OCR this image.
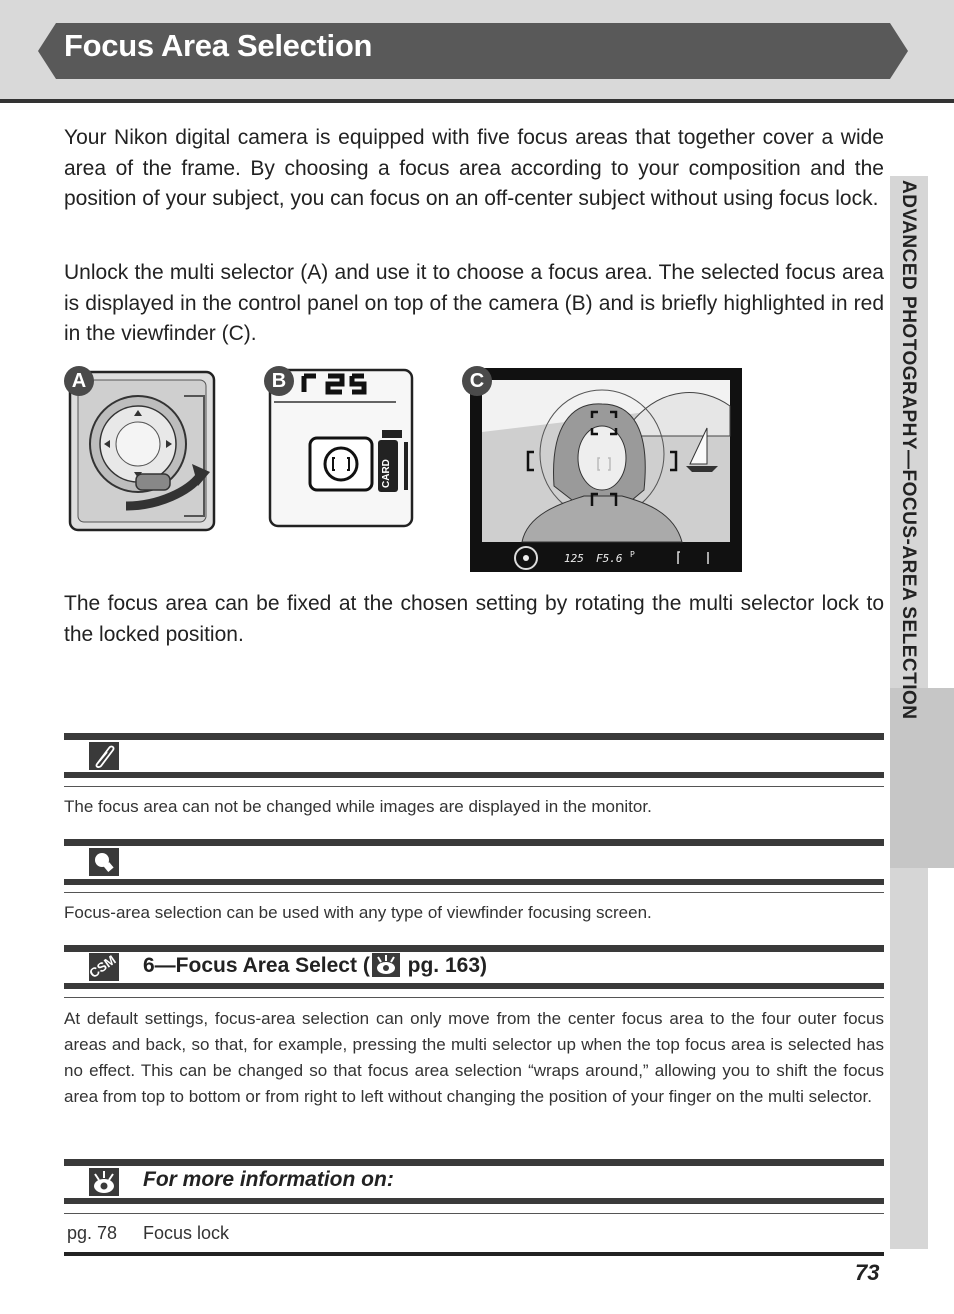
Focus Area Selection
ADVANCED PHOTOGRAPHY—FOCUS-AREA SELECTION

Your Nikon digital camera is equipped with five focus areas that together cover a wide area of the frame. By choosing a focus area according to your composition and the position of your subject, you can focus on an off-center subject without using focus lock.

Unlock the multi selector (A) and use it to choose a focus area. The selected focus area is displayed in the control panel on top of the camera (B) and is briefly highlighted in red in the viewfinder (C).

A
CARD
B
125 F5.6 P
C

The focus area can be fixed at the chosen setting by rotating the multi selector lock to the locked position.

The focus area can not be changed while images are displayed in the monitor.

Focus-area selection can be used with any type of viewfinder focusing screen.

CSM 6—Focus Area Select ( pg. 163)

At default settings, focus-area selection can only move from the center focus area to the four outer focus areas and back, so that, for example, pressing the multi selector up when the top focus area is selected has no effect. This can be changed so that focus area selection “wraps around,” allowing you to shift the focus area from top to bottom or from right to left without changing the position of your finger on the multi selector.

For more information on:
pg. 78	Focus lock
73
